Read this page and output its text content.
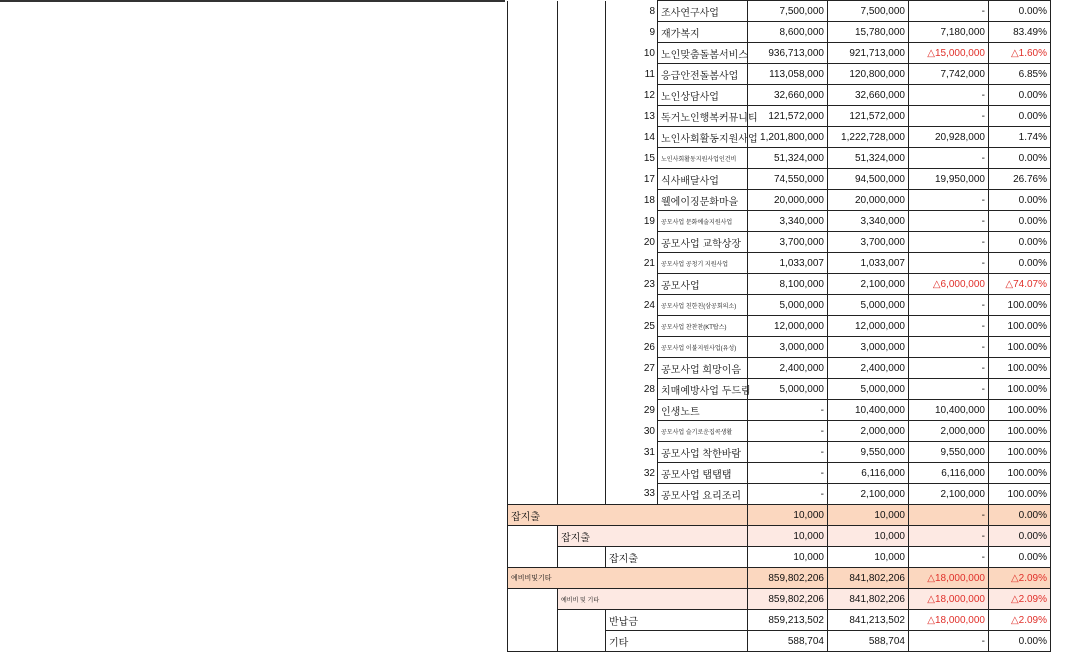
		8	조사연구사업	7,500,000	7,500,000	-	0.00%
		9	재가복지	8,600,000	15,780,000	7,180,000	83.49%
		10	노인맞춤돌봄서비스	936,713,000	921,713,000	△15,000,000	△1.60%
		11	응급안전돌봄사업	113,058,000	120,800,000	7,742,000	6.85%
		12	노인상담사업	32,660,000	32,660,000	-	0.00%
		13	독거노인행복커뮤니티	121,572,000	121,572,000	-	0.00%
		14	노인사회활동지원사업	1,201,800,000	1,222,728,000	20,928,000	1.74%
		15	노인사회활동지원사업인건비	51,324,000	51,324,000	-	0.00%
		17	식사배달사업	74,550,000	94,500,000	19,950,000	26.76%
		18	웰에이징문화마을	20,000,000	20,000,000	-	0.00%
		19	공모사업 문화예술지원사업	3,340,000	3,340,000	-	0.00%
		20	공모사업 교학상장	3,700,000	3,700,000	-	0.00%
		21	공모사업 공청기 지원사업	1,033,007	1,033,007	-	0.00%
		23	공모사업	8,100,000	2,100,000	△6,000,000	△74.07%
		24	공모사업 친한친(삼공회의소)	5,000,000	5,000,000	-	100.00%
		25	공모사업 찬찬찬(KT탑스)	12,000,000	12,000,000	-	100.00%
		26	공모사업 이불지원사업(유성)	3,000,000	3,000,000	-	100.00%
		27	공모사업 희망이음	2,400,000	2,400,000	-	100.00%
		28	치매예방사업 두드림	5,000,000	5,000,000	-	100.00%
		29	인생노트	-	10,400,000	10,400,000	100.00%
		30	공모사업 슬기로운집콕생활	-	2,000,000	2,000,000	100.00%
		31	공모사업 착한바람	-	9,550,000	9,550,000	100.00%
		32	공모사업 탭탭탭	-	6,116,000	6,116,000	100.00%
		33	공모사업 요리조리	-	2,100,000	2,100,000	100.00%
잡지출				10,000	10,000	-	0.00%
	잡지출			10,000	10,000	-	0.00%
		잡지출		10,000	10,000	-	0.00%
예비비및기타				859,802,206	841,802,206	△18,000,000	△2.09%
	예비비 및 기타			859,802,206	841,802,206	△18,000,000	△2.09%
		반납금		859,213,502	841,213,502	△18,000,000	△2.09%
		기타		588,704	588,704	-	0.00%
